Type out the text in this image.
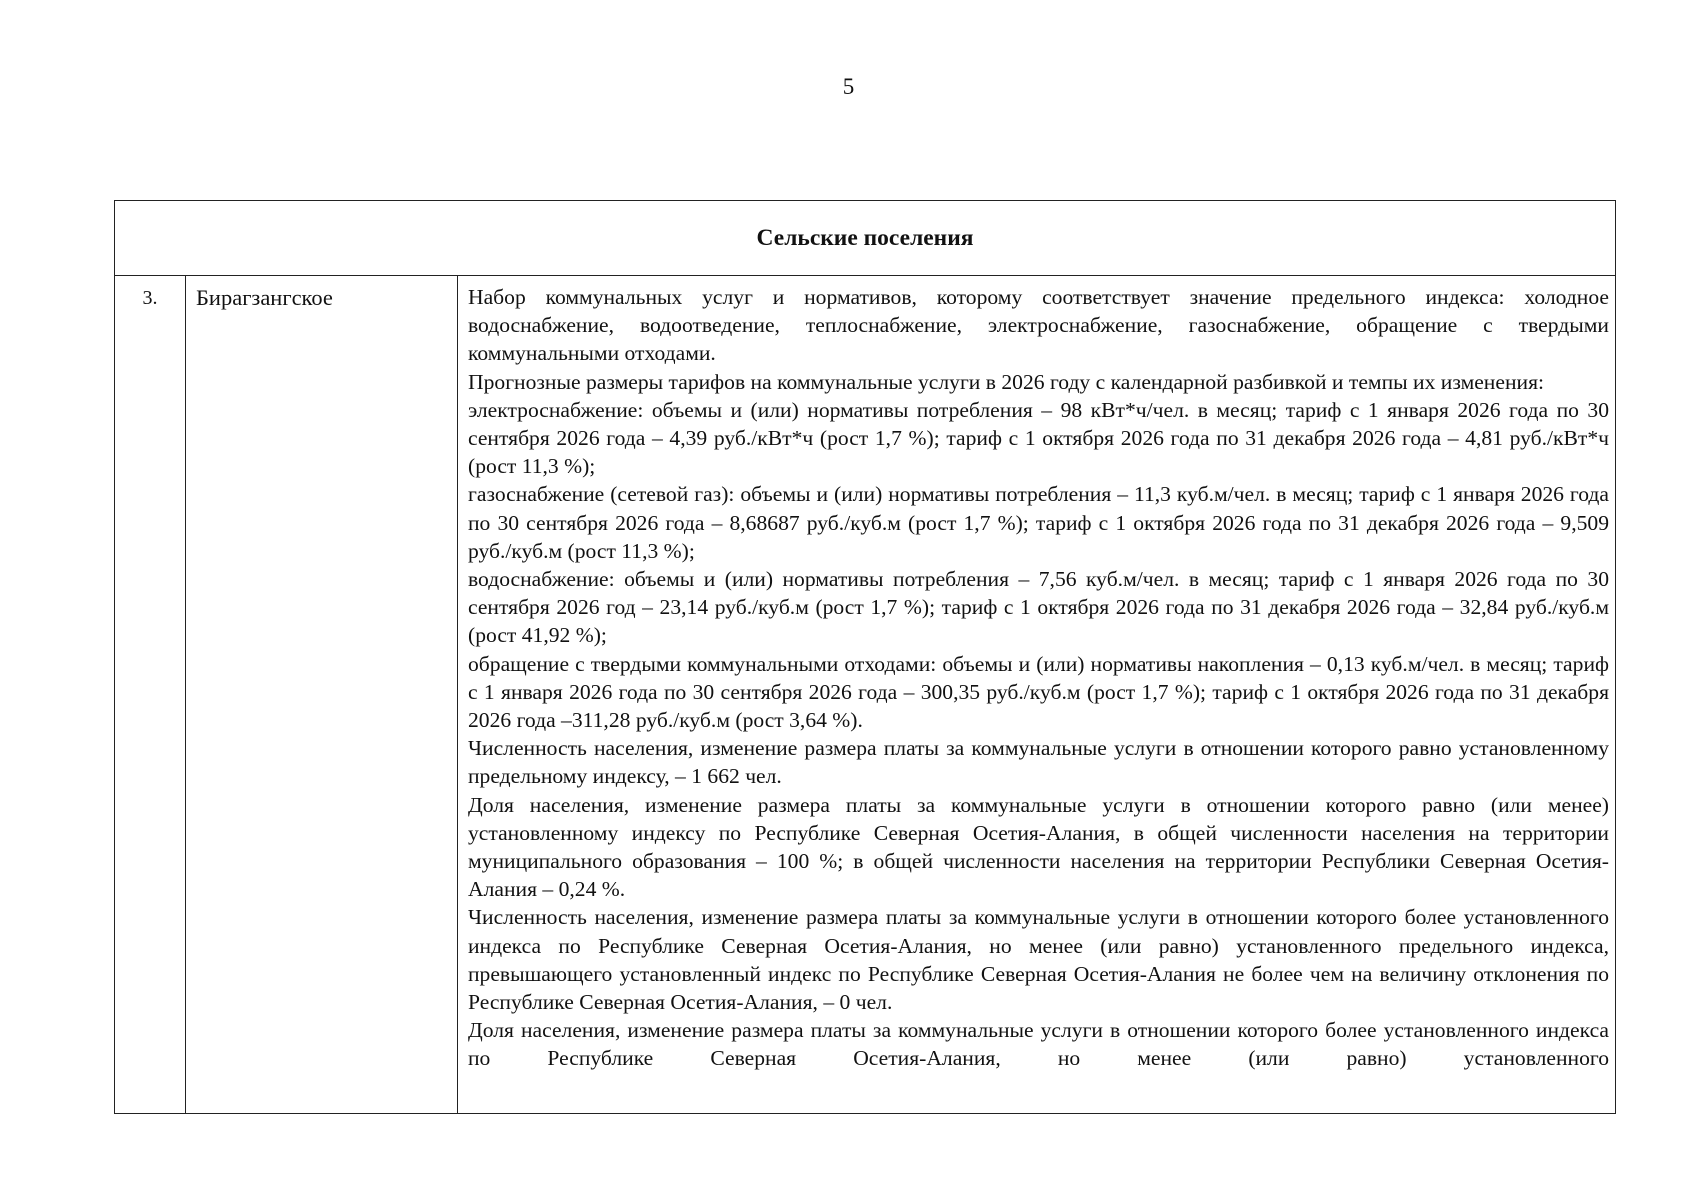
5
Сельские поселения
3.	Бирагзангское	Набор коммунальных услуг и нормативов, которому соответствует значение предельного индекса: холодное водоснабжение, водоотведение, теплоснабжение, электроснабжение, газоснабжение, обращение с твердыми коммунальными отходами.

Прогнозные размеры тарифов на коммунальные услуги в 2026 году с календарной разбивкой и темпы их изменения:

электроснабжение: объемы и (или) нормативы потребления – 98 кВт*ч/чел. в месяц; тариф с 1 января 2026 года по 30 сентября 2026 года – 4,39 руб./кВт*ч (рост 1,7 %); тариф с 1 октября 2026 года по 31 декабря 2026 года – 4,81 руб./кВт*ч (рост 11,3 %);

газоснабжение (сетевой газ): объемы и (или) нормативы потребления – 11,3 куб.м/чел. в месяц; тариф с 1 января 2026 года по 30 сентября 2026 года – 8,68687 руб./куб.м (рост 1,7 %); тариф с 1 октября 2026 года по 31 декабря 2026 года – 9,509 руб./куб.м (рост 11,3 %);

водоснабжение: объемы и (или) нормативы потребления – 7,56 куб.м/чел. в месяц; тариф с 1 января 2026 года по 30 сентября 2026 год – 23,14 руб./куб.м (рост 1,7 %); тариф с 1 октября 2026 года по 31 декабря 2026 года – 32,84 руб./куб.м (рост 41,92 %);

обращение с твердыми коммунальными отходами: объемы и (или) нормативы накопления – 0,13 куб.м/чел. в месяц; тариф с 1 января 2026 года по 30 сентября 2026 года – 300,35 руб./куб.м (рост 1,7 %); тариф с 1 октября 2026 года по 31 декабря 2026 года –311,28 руб./куб.м (рост 3,64 %).

Численность населения, изменение размера платы за коммунальные услуги в отношении которого равно установленному предельному индексу, – 1 662 чел.

Доля населения, изменение размера платы за коммунальные услуги в отношении которого равно (или менее) установленному индексу по Республике Северная Осетия-Алания, в общей численности населения на территории муниципального образования – 100 %; в общей численности населения на территории Республики Северная Осетия-Алания – 0,24 %.

Численность населения, изменение размера платы за коммунальные услуги в отношении которого более установленного индекса по Республике Северная Осетия-Алания, но менее (или равно) установленного предельного индекса, превышающего установленный индекс по Республике Северная Осетия-Алания не более чем на величину отклонения по Республике Северная Осетия-Алания, – 0 чел.

Доля населения, изменение размера платы за коммунальные услуги в отношении которого более установленного индекса по Республике Северная Осетия-Алания, но менее (или равно) установленного
